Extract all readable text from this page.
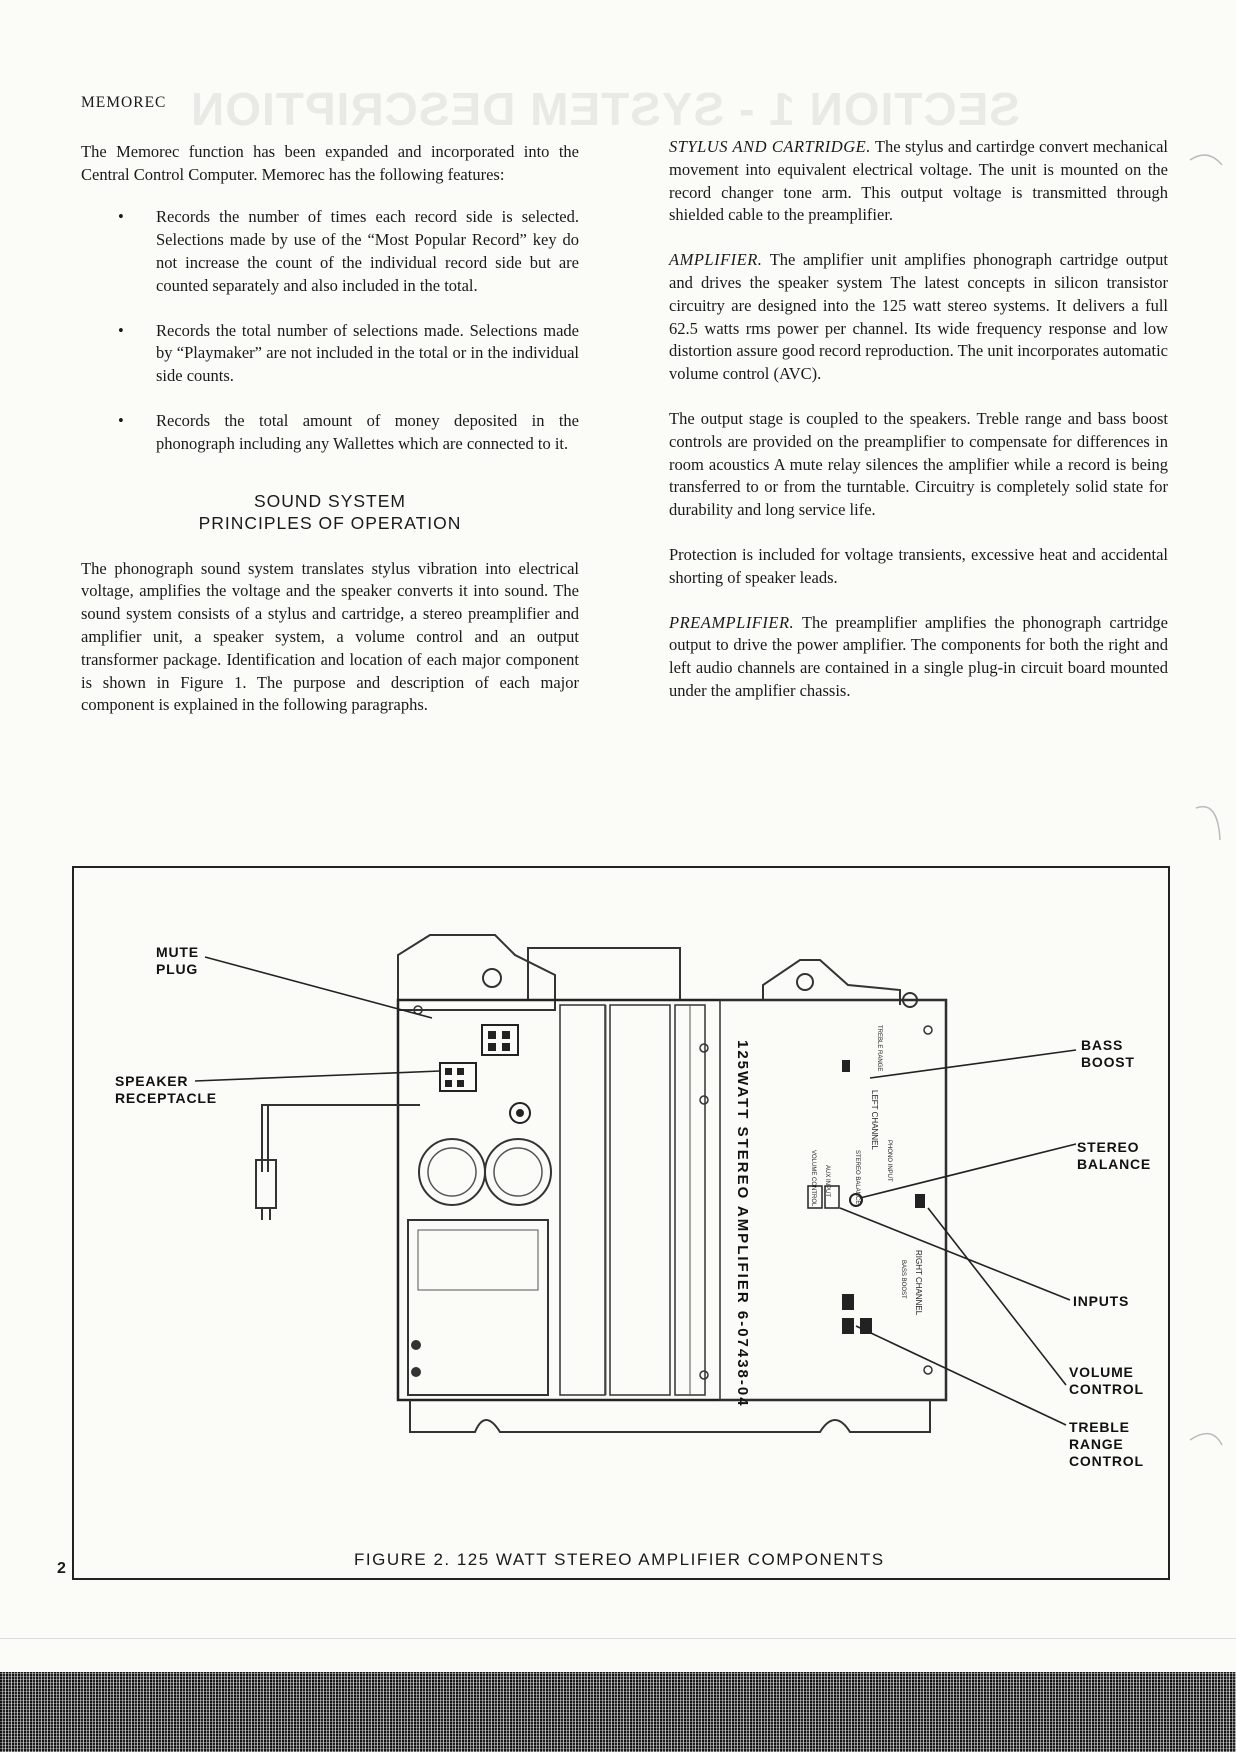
SECTION 1 - SYSTEM DESCRIPTION
MEMOREC

The Memorec function has been expanded and incorporated into the Central Control Computer. Memorec has the following features:

• Records the number of times each record side is selected. Selections made by use of the “Most Popular Record” key do not increase the count of the individual record side but are counted separately and also included in the total.
• Records the total number of selections made. Selections made by “Playmaker” are not included in the total or in the individual side counts.
• Records the total amount of money deposited in the phonograph including any Wallettes which are connected to it.
SOUND SYSTEM
PRINCIPLES OF OPERATION

The phonograph sound system translates stylus vibration into electrical voltage, amplifies the voltage and the speaker converts it into sound. The sound system consists of a stylus and cartridge, a stereo preamplifier and amplifier unit, a speaker system, a volume control and an output transformer package. Identification and location of each major component is shown in Figure 1. The purpose and description of each major component is explained in the following paragraphs.

STYLUS AND CARTRIDGE. The stylus and cartirdge convert mechanical movement into equivalent electrical voltage. The unit is mounted on the record changer tone arm. This output voltage is transmitted through shielded cable to the preamplifier.

AMPLIFIER. The amplifier unit amplifies phonograph cartridge output and drives the speaker system The latest concepts in silicon transistor circuitry are designed into the 125 watt stereo systems. It delivers a full 62.5 watts rms power per channel. Its wide frequency response and low distortion assure good record reproduction. The unit incorporates automatic volume control (AVC).

The output stage is coupled to the speakers. Treble range and bass boost controls are provided on the preamplifier to compensate for differences in room acoustics A mute relay silences the amplifier while a record is being transferred to or from the turntable. Circuitry is completely solid state for durability and long service life.

Protection is included for voltage transients, excessive heat and accidental shorting of speaker leads.

PREAMPLIFIER. The preamplifier amplifies the phonograph cartridge output to drive the power amplifier. The components for both the right and left audio channels are contained in a single plug-in circuit board mounted under the amplifier chassis.

125WATT STEREO AMPLIFIER 6-07438-04	LEFT CHANNEL
RIGHT CHANNEL
TREBLE RANGE
BASS BOOST
VOLUME CONTROL AUX INPUT	STEREO BALANCE	PHONO INPUT
MUTE
PLUG
SPEAKER
RECEPTACLE
BASS
BOOST
STEREO
BALANCE
INPUTS
VOLUME
CONTROL
TREBLE
RANGE
CONTROL
2	FIGURE 2. 125 WATT STEREO AMPLIFIER COMPONENTS
